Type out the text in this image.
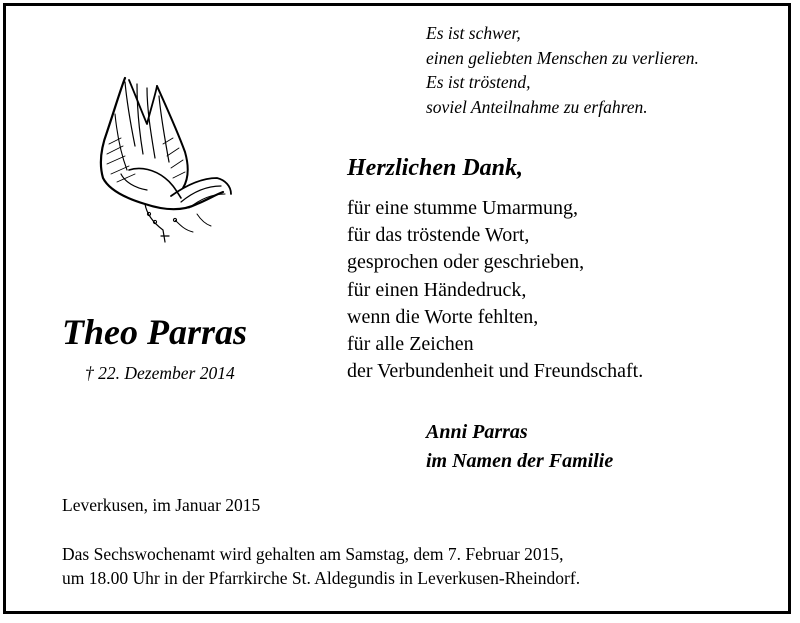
Es ist schwer,
einen geliebten Menschen zu verlieren.
Es ist tröstend,
soviel Anteilnahme zu erfahren.
Herzlichen Dank,
für eine stumme Umarmung,
für das tröstende Wort,
gesprochen oder geschrieben,
für einen Händedruck,
wenn die Worte fehlten,
für alle Zeichen
der Verbundenheit und Freundschaft.
Theo Parras
† 22. Dezember 2014
Anni Parras
im Namen der Familie
Leverkusen, im Januar 2015
Das Sechswochenamt wird gehalten am Samstag, dem 7. Februar 2015,
um 18.00 Uhr in der Pfarrkirche St. Aldegundis in Leverkusen-Rheindorf.
